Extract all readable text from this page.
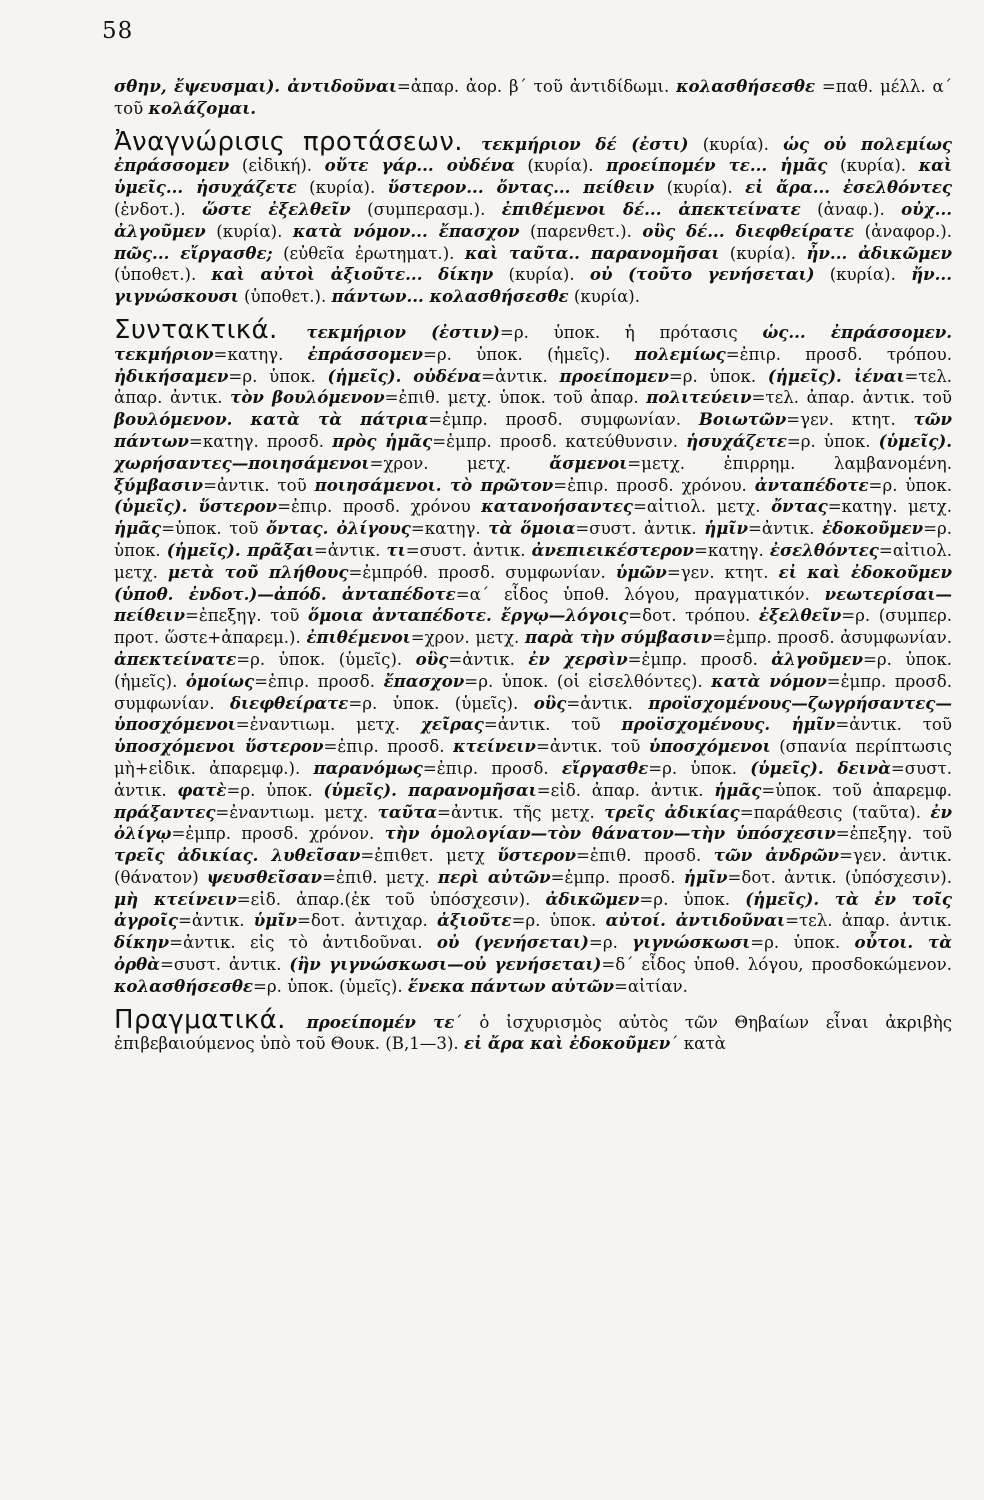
58

σθην, ἔψευσμαι). ἀντιδοῦναι=ἀπαρ. ἀορ. β΄ τοῦ ἀντιδίδωμι. κολασθήσεσθε =παθ. μέλλ. α΄ τοῦ κολάζομαι.

Ἀναγνώρισις προτάσεων. τεκμήριον δέ (ἐστι) (κυρία). ὡς οὐ πολεμίως ἐπράσσομεν (εἰδική). οὔτε γάρ... οὐδένα (κυρία). προείπομέν τε... ἡμᾶς (κυρία). καὶ ὑμεῖς... ἡσυχάζετε (κυρία). ὕστερον... ὄντας... πείθειν (κυρία). εἰ ἄρα... ἐσελθόντες (ἐνδοτ.). ὥστε ἐξελθεῖν (συμπερασμ.). ἐπιθέμενοι δέ... ἀπεκτείνατε (ἀναφ.). οὐχ... ἀλγοῦμεν (κυρία). κατὰ νόμον... ἔπασχον (παρενθετ.). οὓς δέ... διεφθείρατε (ἀναφορ.). πῶς... εἴργασθε; (εὐθεῖα ἐρωτηματ.). καὶ ταῦτα.. παρανομῆσαι (κυρία). ἦν... ἀδικῶμεν (ὑποθετ.). καὶ αὐτοὶ ἀξιοῦτε... δίκην (κυρία). οὐ (τοῦτο γενήσεται) (κυρία). ἤν... γιγνώσκουσι (ὑποθετ.). πάντων... κολασθήσεσθε (κυρία).

Συντακτικά. τεκμήριον (ἐστιν)=ρ. ὑποκ. ἡ πρότασις ὡς... ἐπράσσομεν. τεκμήριον=κατηγ. ἐπράσσομεν=ρ. ὑποκ. (ἡμεῖς). πολεμίως=ἐπιρ. προσδ. τρόπου. ἠδικήσαμεν=ρ. ὑποκ. (ἡμεῖς). οὐδένα=ἀντικ. προείπομεν=ρ. ὑποκ. (ἡμεῖς). ἰέναι=τελ. ἀπαρ. ἀντικ. τὸν βουλόμενον=ἐπιθ. μετχ. ὑποκ. τοῦ ἀπαρ. πολιτεύειν=τελ. ἀπαρ. ἀντικ. τοῦ βουλόμενον. κατὰ τὰ πάτρια=ἐμπρ. προσδ. συμφωνίαν. Βοιωτῶν=γεν. κτητ. τῶν πάντων=κατηγ. προσδ. πρὸς ἡμᾶς=ἐμπρ. προσδ. κατεύθυνσιν. ἡσυχάζετε=ρ. ὑποκ. (ὑμεῖς). χωρήσαντες—ποιησάμενοι=χρον. μετχ. ἄσμενοι=μετχ. ἐπιρρημ. λαμβανομένη. ξύμβασιν=ἀντικ. τοῦ ποιησάμενοι. τὸ πρῶτον=ἐπιρ. προσδ. χρόνου. ἀνταπέδοτε=ρ. ὑποκ. (ὑμεῖς). ὕστερον=ἐπιρ. προσδ. χρόνου κατανοήσαντες=αἰτιολ. μετχ. ὄντας=κατηγ. μετχ. ἡμᾶς=ὑποκ. τοῦ ὄντας. ὀλίγους=κατηγ. τὰ ὅμοια=συστ. ἀντικ. ἡμῖν=ἀντικ. ἐδοκοῦμεν=ρ. ὑποκ. (ἡμεῖς). πρᾶξαι=ἀντικ. τι=συστ. ἀντικ. ἀνεπιεικέστερον=κατηγ. ἐσελθόντες=αἰτιολ. μετχ. μετὰ τοῦ πλήθους=ἐμπρόθ. προσδ. συμφωνίαν. ὑμῶν=γεν. κτητ. εἰ καὶ ἐδοκοῦμεν (ὑποθ. ἐνδοτ.)—ἀπόδ. ἀνταπέδοτε=α΄ εἶδος ὑποθ. λόγου, πραγματικόν. νεωτερίσαι—πείθειν=ἐπεξηγ. τοῦ ὅμοια ἀνταπέδοτε. ἔργῳ—λόγοις=δοτ. τρόπου. ἐξελθεῖν=ρ. (συμπερ. προτ. ὥστε+ἀπαρεμ.). ἐπιθέμενοι=χρον. μετχ. παρὰ τὴν σύμβασιν=ἐμπρ. προσδ. ἀσυμφωνίαν. ἀπεκτείνατε=ρ. ὑποκ. (ὑμεῖς). οὓς=ἀντικ. ἐν χερσὶν=ἐμπρ. προσδ. ἀλγοῦμεν=ρ. ὑποκ. (ἡμεῖς). ὁμοίως=ἐπιρ. προσδ. ἔπασχον=ρ. ὑποκ. (οἱ εἰσελθόντες). κατὰ νόμον=ἐμπρ. προσδ. συμφωνίαν. διεφθείρατε=ρ. ὑποκ. (ὑμεῖς). οὓς=ἀντικ. προϊσχομένους—ζωγρήσαντες—ὑποσχόμενοι=ἐναντιωμ. μετχ. χεῖρας=ἀντικ. τοῦ προϊσχομένους. ἡμῖν=ἀντικ. τοῦ ὑποσχόμενοι ὕστερον=ἐπιρ. προσδ. κτείνειν=ἀντικ. τοῦ ὑποσχόμενοι (σπανία περίπτωσις μὴ+εἰδικ. ἀπαρεμφ.). παρανόμως=ἐπιρ. προσδ. εἴργασθε=ρ. ὑποκ. (ὑμεῖς). δεινὰ=συστ. ἀντικ. φατὲ=ρ. ὑποκ. (ὑμεῖς). παρανομῆσαι=εἰδ. ἀπαρ. ἀντικ. ἡμᾶς=ὑποκ. τοῦ ἀπαρεμφ. πράξαντες=ἐναντιωμ. μετχ. ταῦτα=ἀντικ. τῆς μετχ. τρεῖς ἀδικίας=παράθεσις (ταῦτα). ἐν ὀλίγῳ=ἐμπρ. προσδ. χρόνον. τὴν ὁμολογίαν—τὸν θάνατον—τὴν ὑπόσχεσιν=ἐπεξηγ. τοῦ τρεῖς ἀδικίας. λυθεῖσαν=ἐπιθετ. μετχ ὕστερον=ἐπιθ. προσδ. τῶν ἀνδρῶν=γεν. ἀντικ. (θάνατον) ψευσθεῖσαν=ἐπιθ. μετχ. περὶ αὐτῶν=ἐμπρ. προσδ. ἡμῖν=δοτ. ἀντικ. (ὑπόσχεσιν). μὴ κτείνειν=εἰδ. ἀπαρ.(ἐκ τοῦ ὑπόσχεσιν). ἀδικῶμεν=ρ. ὑποκ. (ἡμεῖς). τὰ ἐν τοῖς ἀγροῖς=ἀντικ. ὑμῖν=δοτ. ἀντιχαρ. ἀξιοῦτε=ρ. ὑποκ. αὐτοί. ἀντιδοῦναι=τελ. ἀπαρ. ἀντικ. δίκην=ἀντικ. εἰς τὸ ἀντιδοῦναι. οὐ (γενήσεται)=ρ. γιγνώσκωσι=ρ. ὑποκ. οὗτοι. τὰ ὀρθὰ=συστ. ἀντικ. (ἢν γιγνώσκωσι—οὐ γενήσεται)=δ΄ εἶδος ὑποθ. λόγου, προσδοκώμενον. κολασθήσεσθε=ρ. ὑποκ. (ὑμεῖς). ἕνεκα πάντων αὐτῶν=αἰτίαν.

Πραγματικά. προείπομέν τε΄ ὁ ἰσχυρισμὸς αὐτὸς τῶν Θηβαίων εἶναι ἀκριβὴς ἐπιβεβαιούμενος ὑπὸ τοῦ Θουκ. (Β,1—3). εἰ ἄρα καὶ ἐδοκοῦμεν΄ κατὰ
